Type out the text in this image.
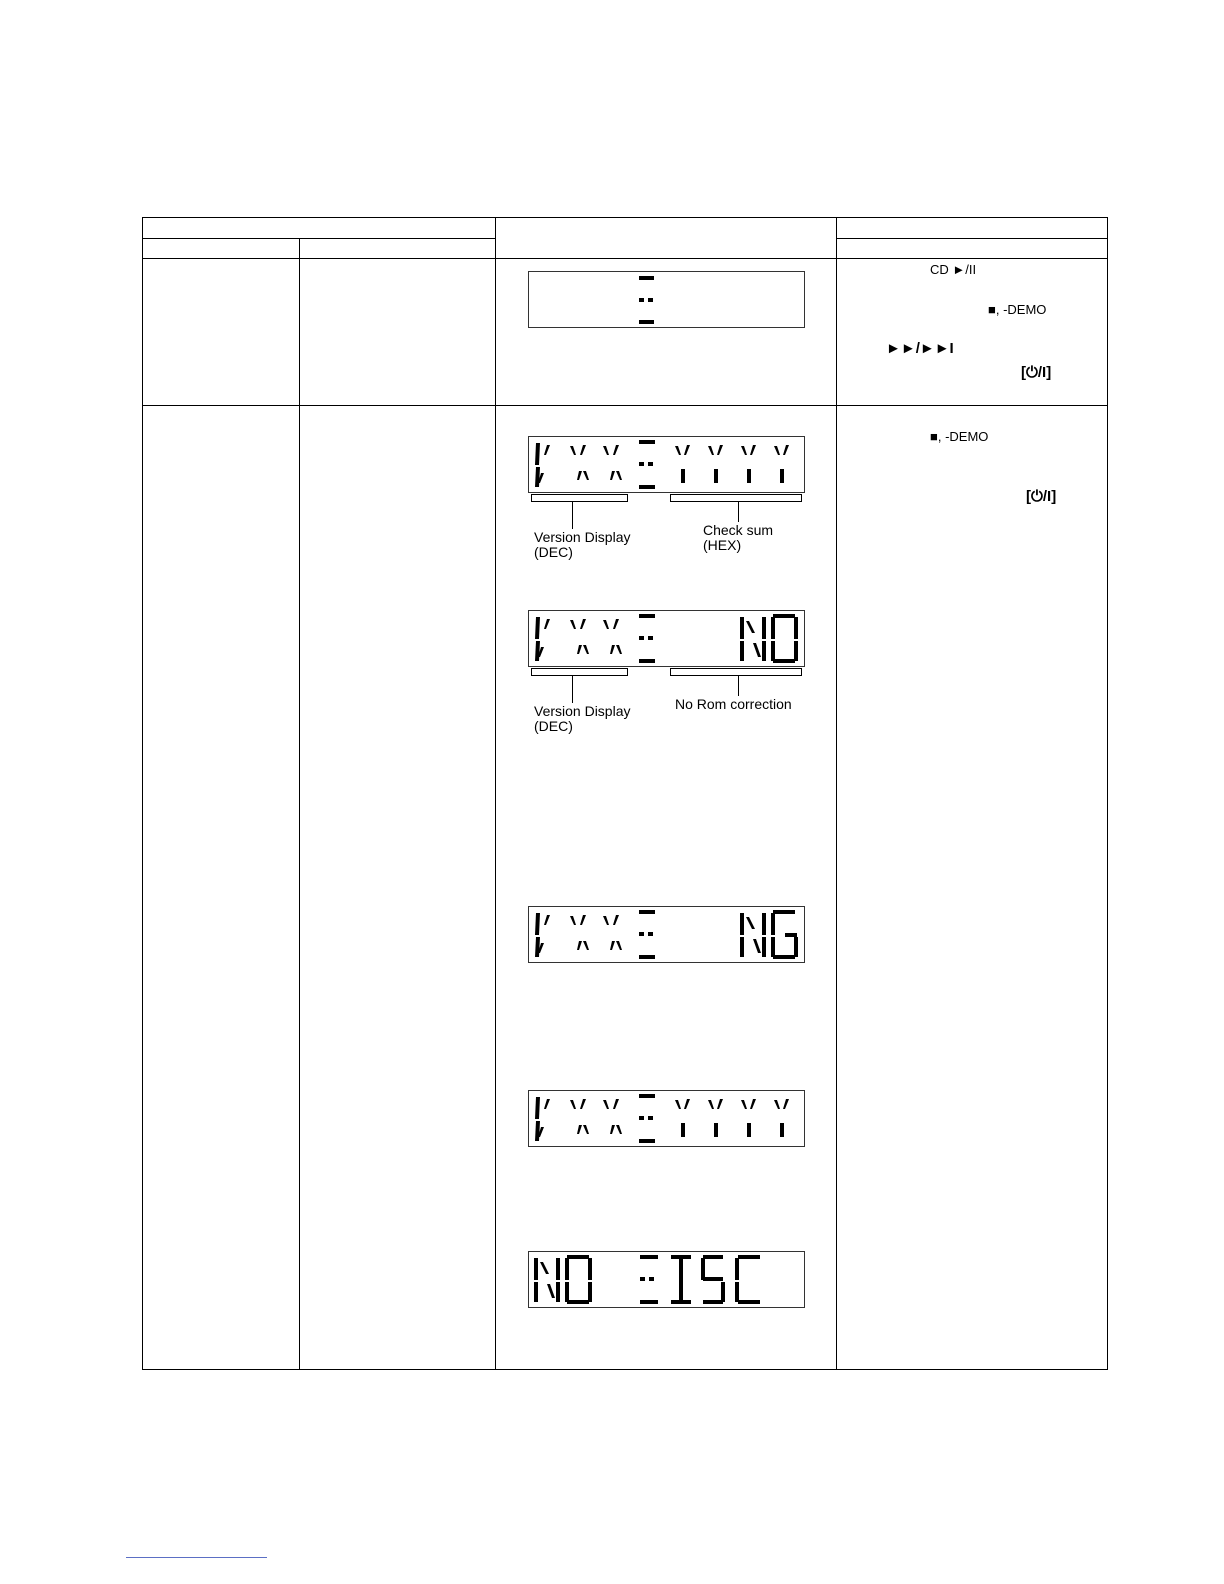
Version Display
(DEC)
Check sum
(HEX)
Version Display
(DEC)
No Rom correction
CD ►/II
■, -DEMO
►►/►►I
[⏻/I]
■, -DEMO
[⏻/I]
